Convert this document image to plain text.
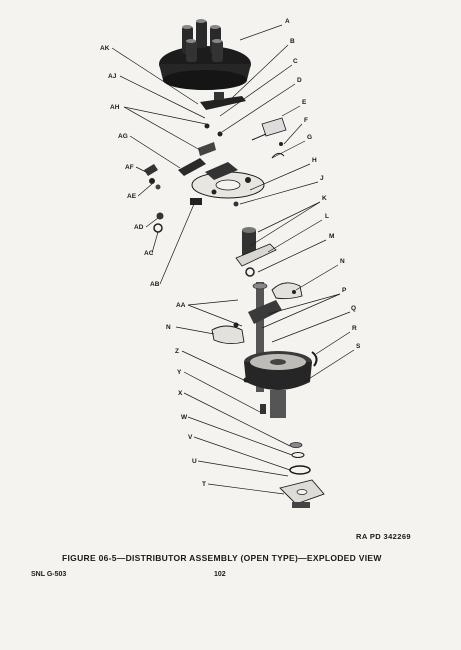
A
B
C
D
E
F
G
H
J
K
L
M
N
P
Q
R
S
T
U
V
W
X
Y
Z
AA
AB
AC
AD
AE
AF
AG
AH
AJ
AK
N
RA PD 342269
FIGURE 06-5—DISTRIBUTOR ASSEMBLY (OPEN TYPE)—EXPLODED VIEW
SNL G-503	102
